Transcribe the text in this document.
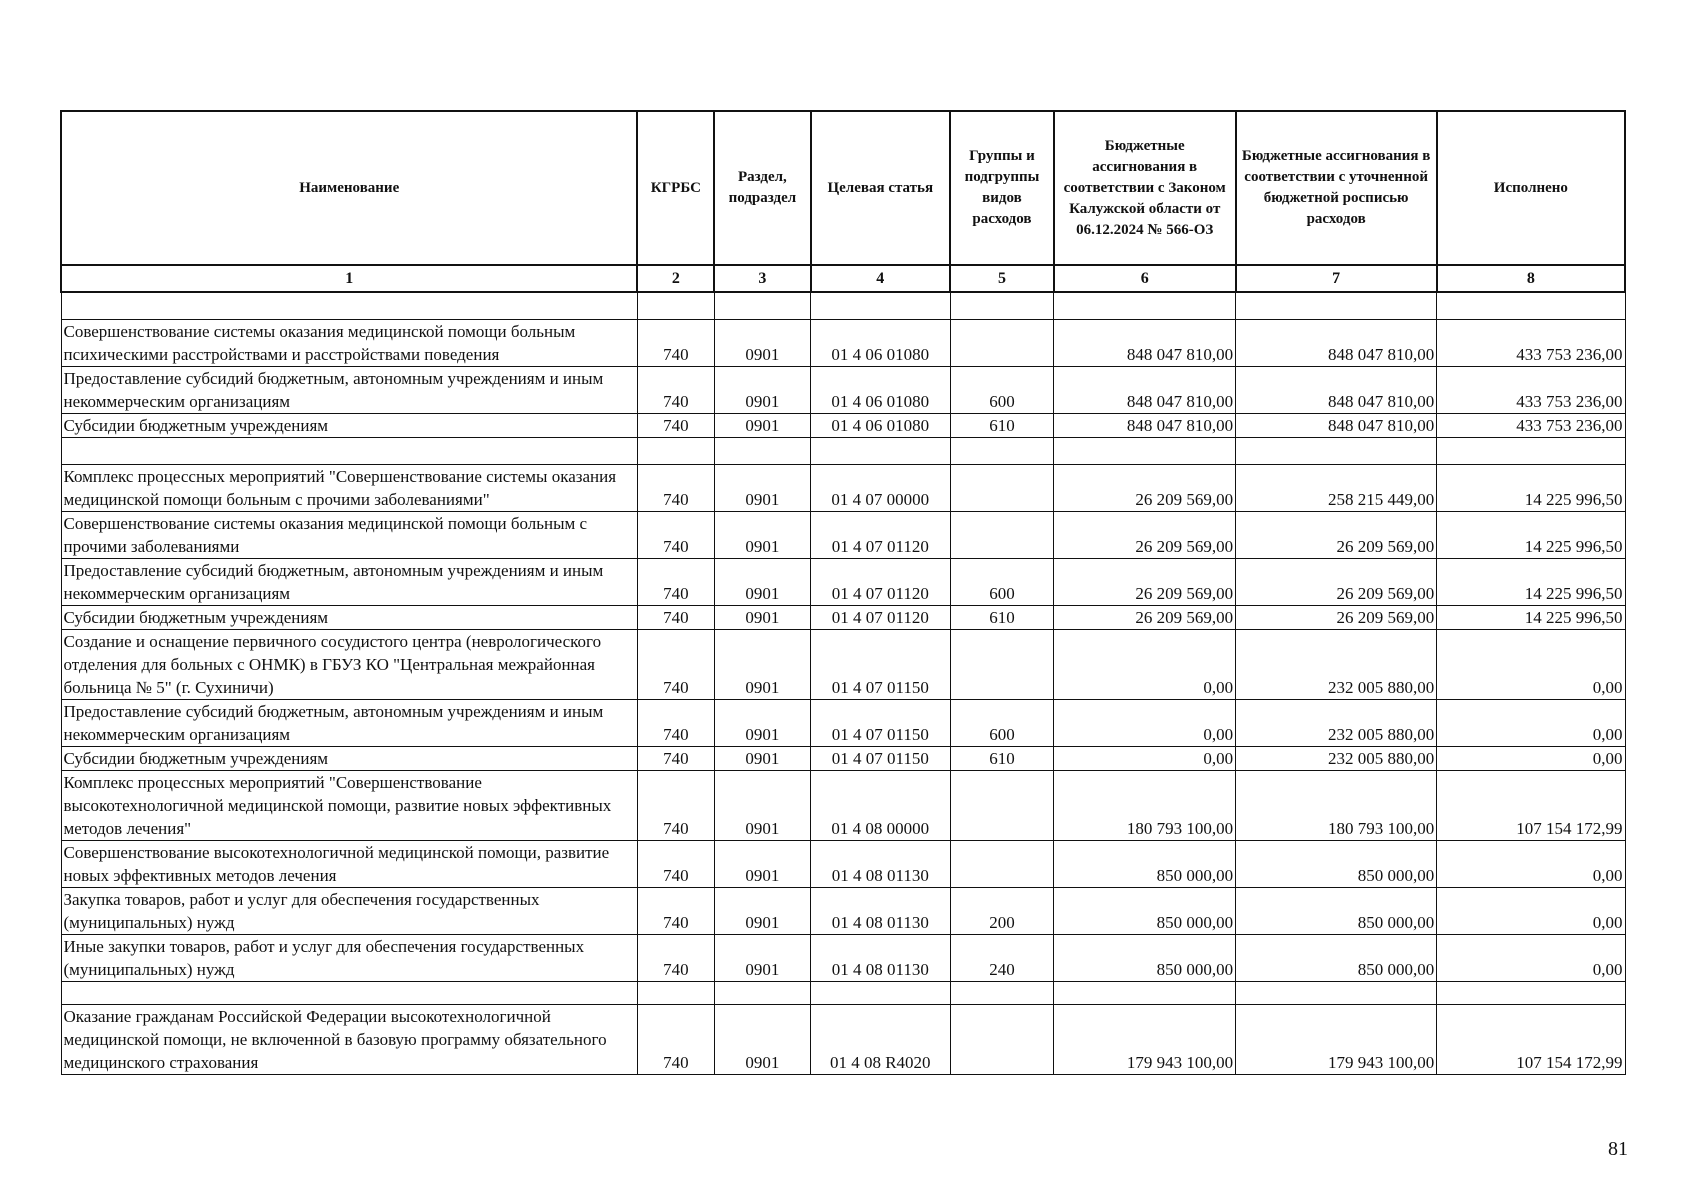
Наименование	КГРБС	Раздел, подраздел	Целевая статья	Группы и подгруппы видов расходов	Бюджетные ассигнования в соответствии с Законом Калужской области от 06.12.2024 № 566-ОЗ	Бюджетные ассигнования в соответствии с уточненной бюджетной росписью расходов	Исполнено
1	2	3	4	5	6	7	8

Совершенствование системы оказания медицинской помощи больным психическими расстройствами и расстройствами поведения	740	0901	01 4 06 01080		848 047 810,00	848 047 810,00	433 753 236,00
Предоставление субсидий бюджетным, автономным учреждениям и иным некоммерческим организациям	740	0901	01 4 06 01080	600	848 047 810,00	848 047 810,00	433 753 236,00
Субсидии бюджетным учреждениям	740	0901	01 4 06 01080	610	848 047 810,00	848 047 810,00	433 753 236,00

Комплекс процессных мероприятий "Совершенствование системы оказания медицинской помощи больным с прочими заболеваниями"	740	0901	01 4 07 00000		26 209 569,00	258 215 449,00	14 225 996,50
Совершенствование системы оказания медицинской помощи больным с прочими заболеваниями	740	0901	01 4 07 01120		26 209 569,00	26 209 569,00	14 225 996,50
Предоставление субсидий бюджетным, автономным учреждениям и иным некоммерческим организациям	740	0901	01 4 07 01120	600	26 209 569,00	26 209 569,00	14 225 996,50
Субсидии бюджетным учреждениям	740	0901	01 4 07 01120	610	26 209 569,00	26 209 569,00	14 225 996,50
Создание и оснащение первичного сосудистого центра (неврологического отделения для больных с ОНМК) в ГБУЗ КО "Центральная межрайонная больница № 5" (г. Сухиничи)	740	0901	01 4 07 01150		0,00	232 005 880,00	0,00
Предоставление субсидий бюджетным, автономным учреждениям и иным некоммерческим организациям	740	0901	01 4 07 01150	600	0,00	232 005 880,00	0,00
Субсидии бюджетным учреждениям	740	0901	01 4 07 01150	610	0,00	232 005 880,00	0,00
Комплекс процессных мероприятий "Совершенствование высокотехнологичной медицинской помощи, развитие новых эффективных методов лечения"	740	0901	01 4 08 00000		180 793 100,00	180 793 100,00	107 154 172,99
Совершенствование высокотехнологичной медицинской помощи, развитие новых эффективных методов лечения	740	0901	01 4 08 01130		850 000,00	850 000,00	0,00
Закупка товаров, работ и услуг для обеспечения государственных (муниципальных) нужд	740	0901	01 4 08 01130	200	850 000,00	850 000,00	0,00
Иные закупки товаров, работ и услуг для обеспечения государственных (муниципальных) нужд	740	0901	01 4 08 01130	240	850 000,00	850 000,00	0,00

Оказание гражданам Российской Федерации высокотехнологичной медицинской помощи, не включенной в базовую программу обязательного медицинского страхования	740	0901	01 4 08 R4020		179 943 100,00	179 943 100,00	107 154 172,99
81
